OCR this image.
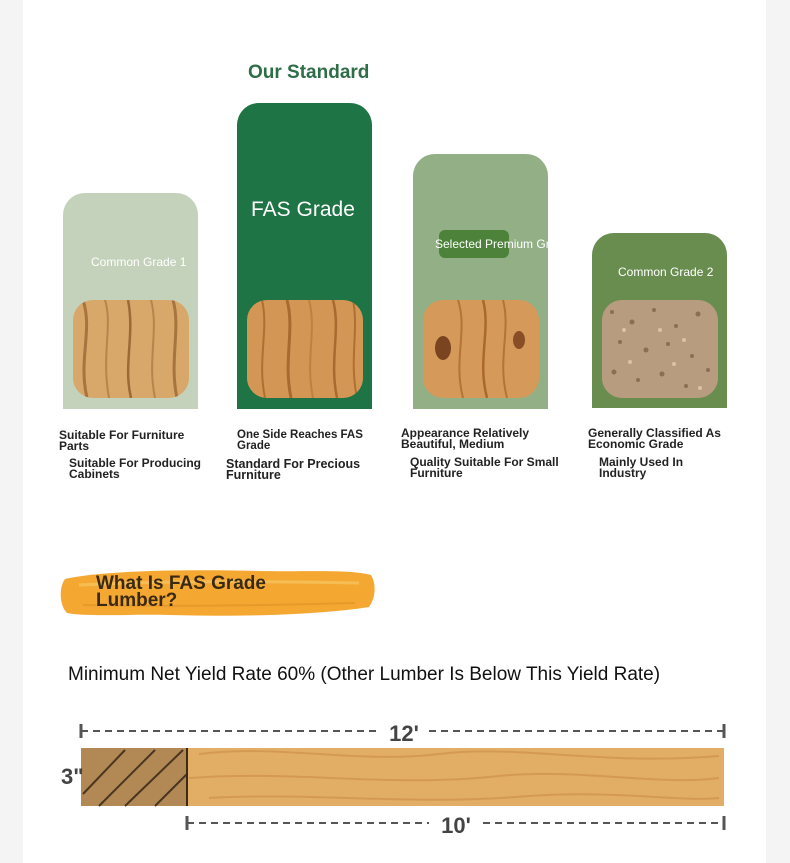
Our Standard
Common Grade 1
FAS Grade
Selected Premium Gr
Common Grade 2
Suitable For Furniture Parts
Suitable For Producing Cabinets
One Side Reaches FAS Grade
Standard For Precious Furniture
Appearance Relatively Beautiful, Medium
Quality Suitable For Small Furniture
Generally Classified As Economic Grade
Mainly Used In Industry
What Is FAS Grade
Lumber?
Minimum Net Yield Rate 60% (Other Lumber Is Below This Yield Rate)
12'
3"
10'
